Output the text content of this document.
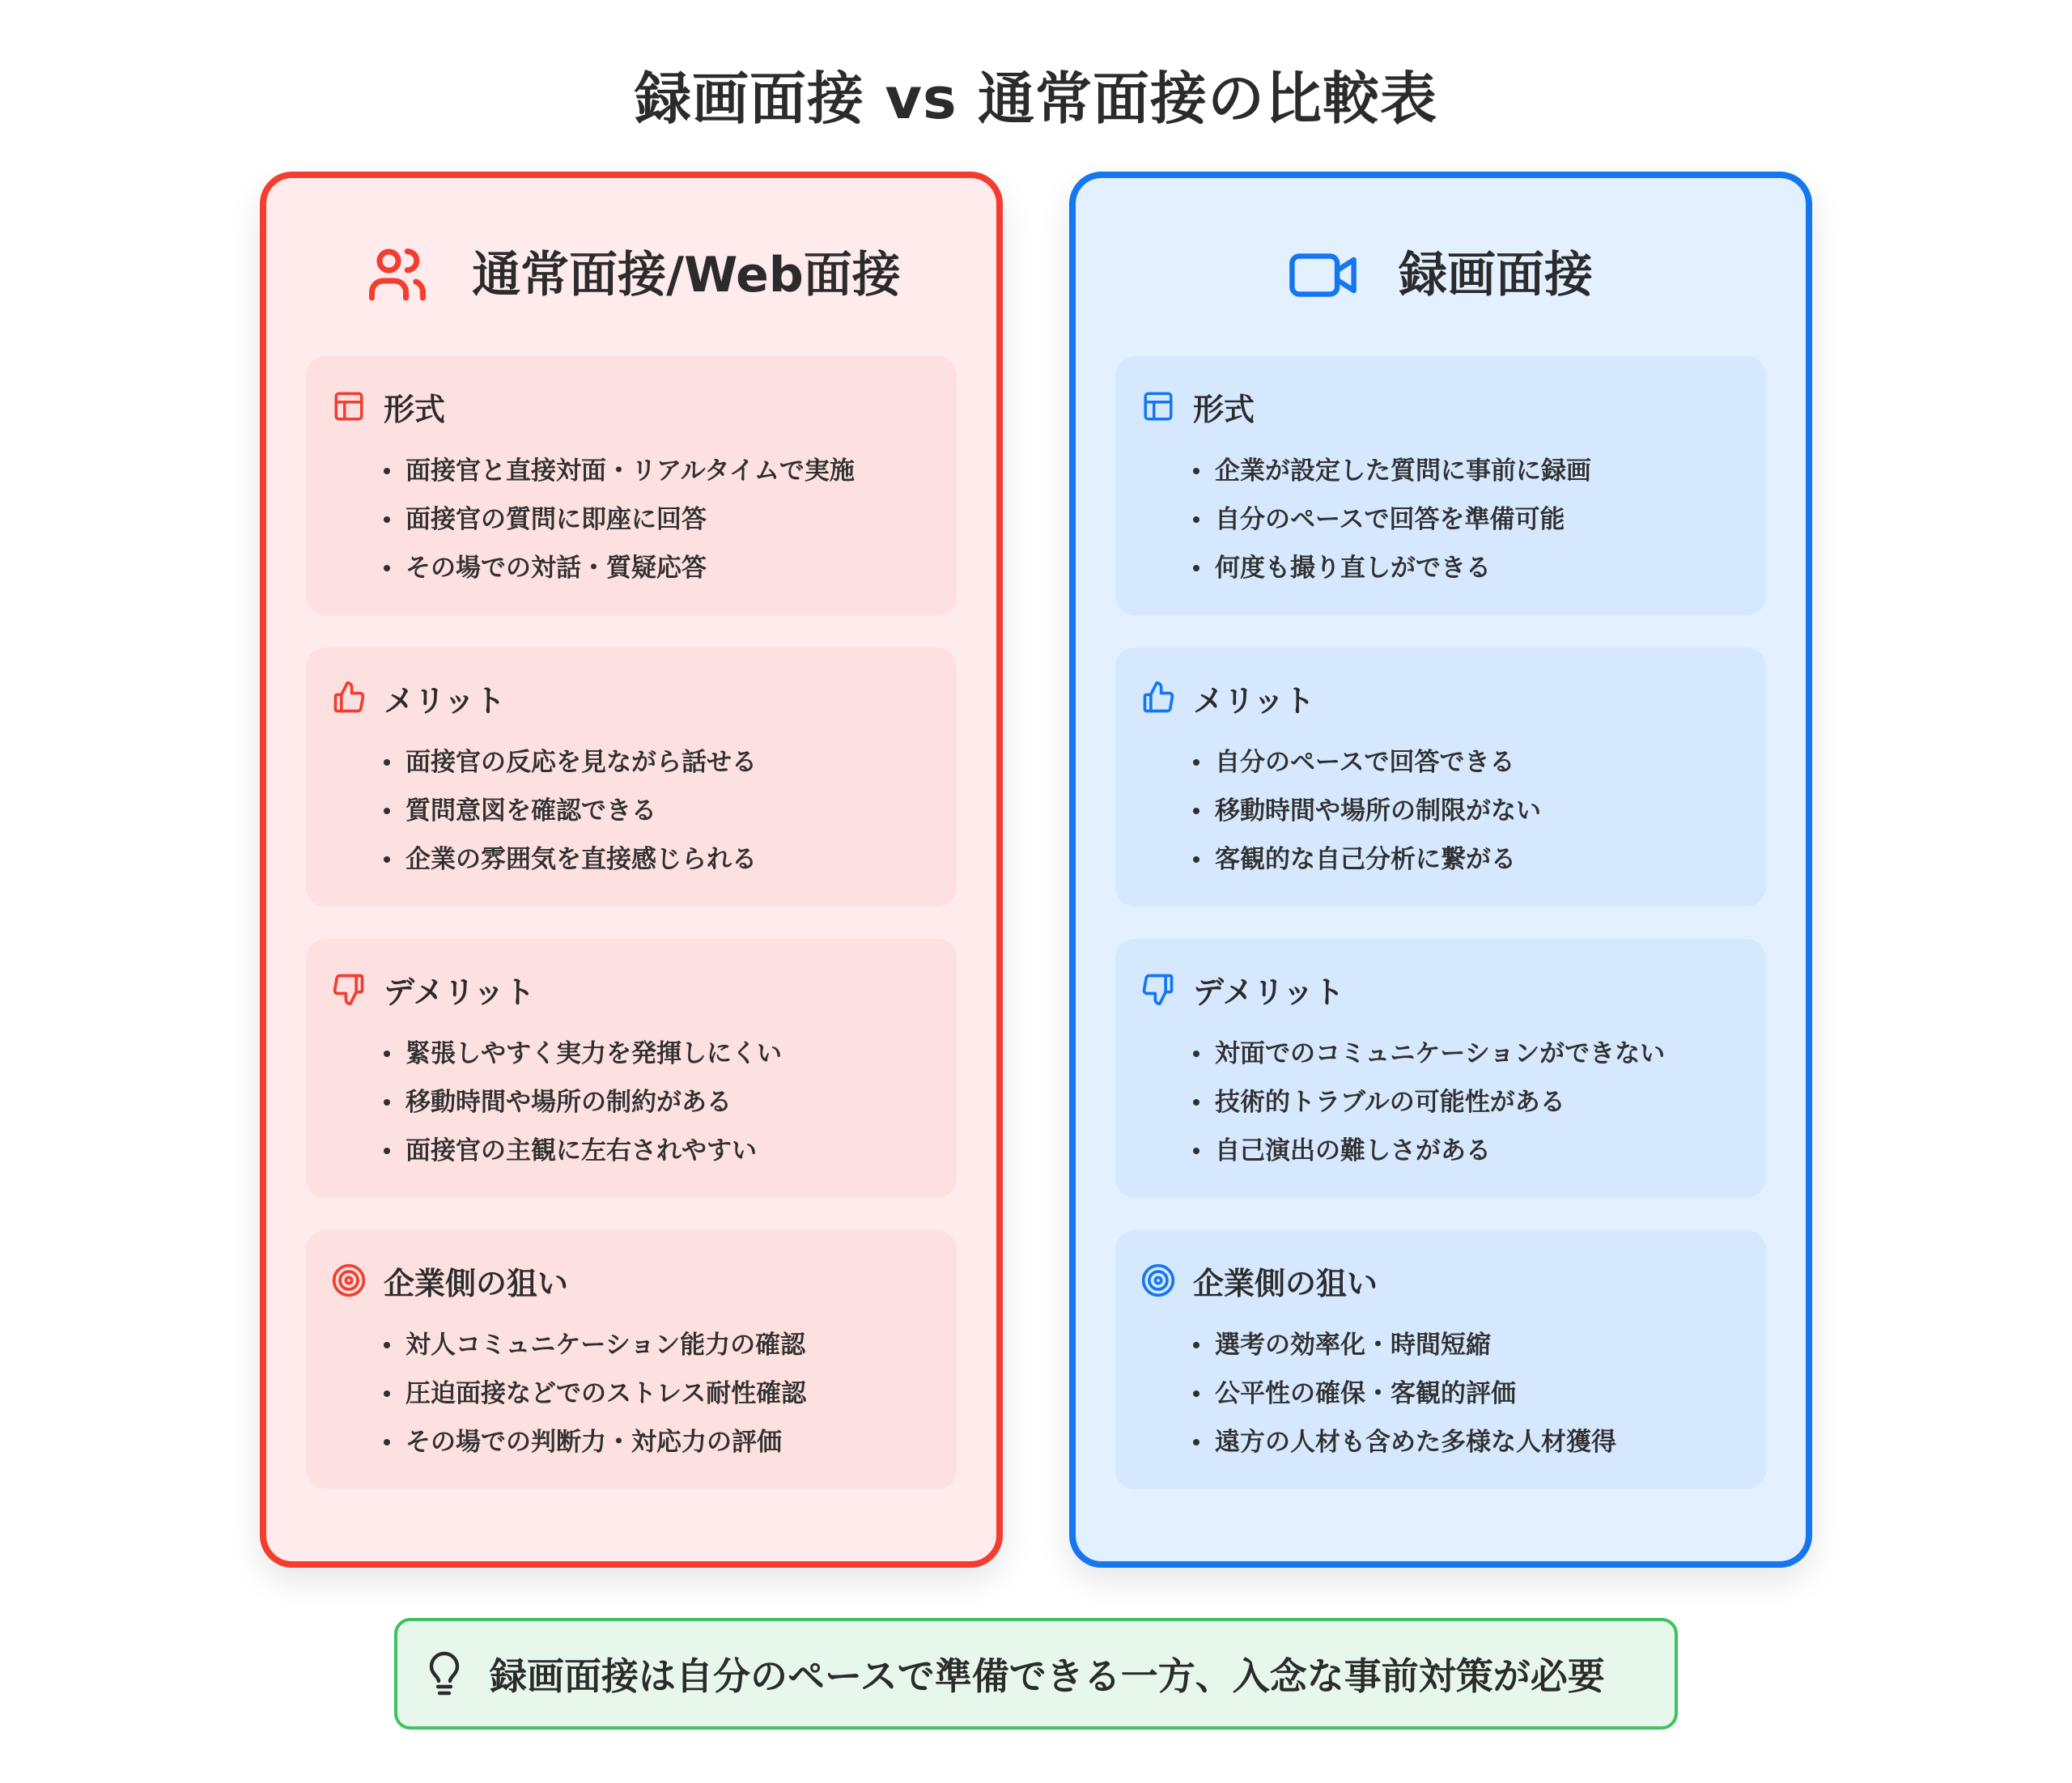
録画面接 vs 通常面接の比較表
通常面接/Web面接
形式
面接官と直接対面・リアルタイムで実施
面接官の質問に即座に回答
その場での対話・質疑応答
メリット
面接官の反応を見ながら話せる
質問意図を確認できる
企業の雰囲気を直接感じられる
デメリット
緊張しやすく実力を発揮しにくい
移動時間や場所の制約がある
面接官の主観に左右されやすい
企業側の狙い
対人コミュニケーション能力の確認
圧迫面接などでのストレス耐性確認
その場での判断力・対応力の評価
録画面接
形式
企業が設定した質問に事前に録画
自分のペースで回答を準備可能
何度も撮り直しができる
メリット
自分のペースで回答できる
移動時間や場所の制限がない
客観的な自己分析に繋がる
デメリット
対面でのコミュニケーションができない
技術的トラブルの可能性がある
自己演出の難しさがある
企業側の狙い
選考の効率化・時間短縮
公平性の確保・客観的評価
遠方の人材も含めた多様な人材獲得
録画面接は自分のペースで準備できる一方、入念な事前対策が必要
